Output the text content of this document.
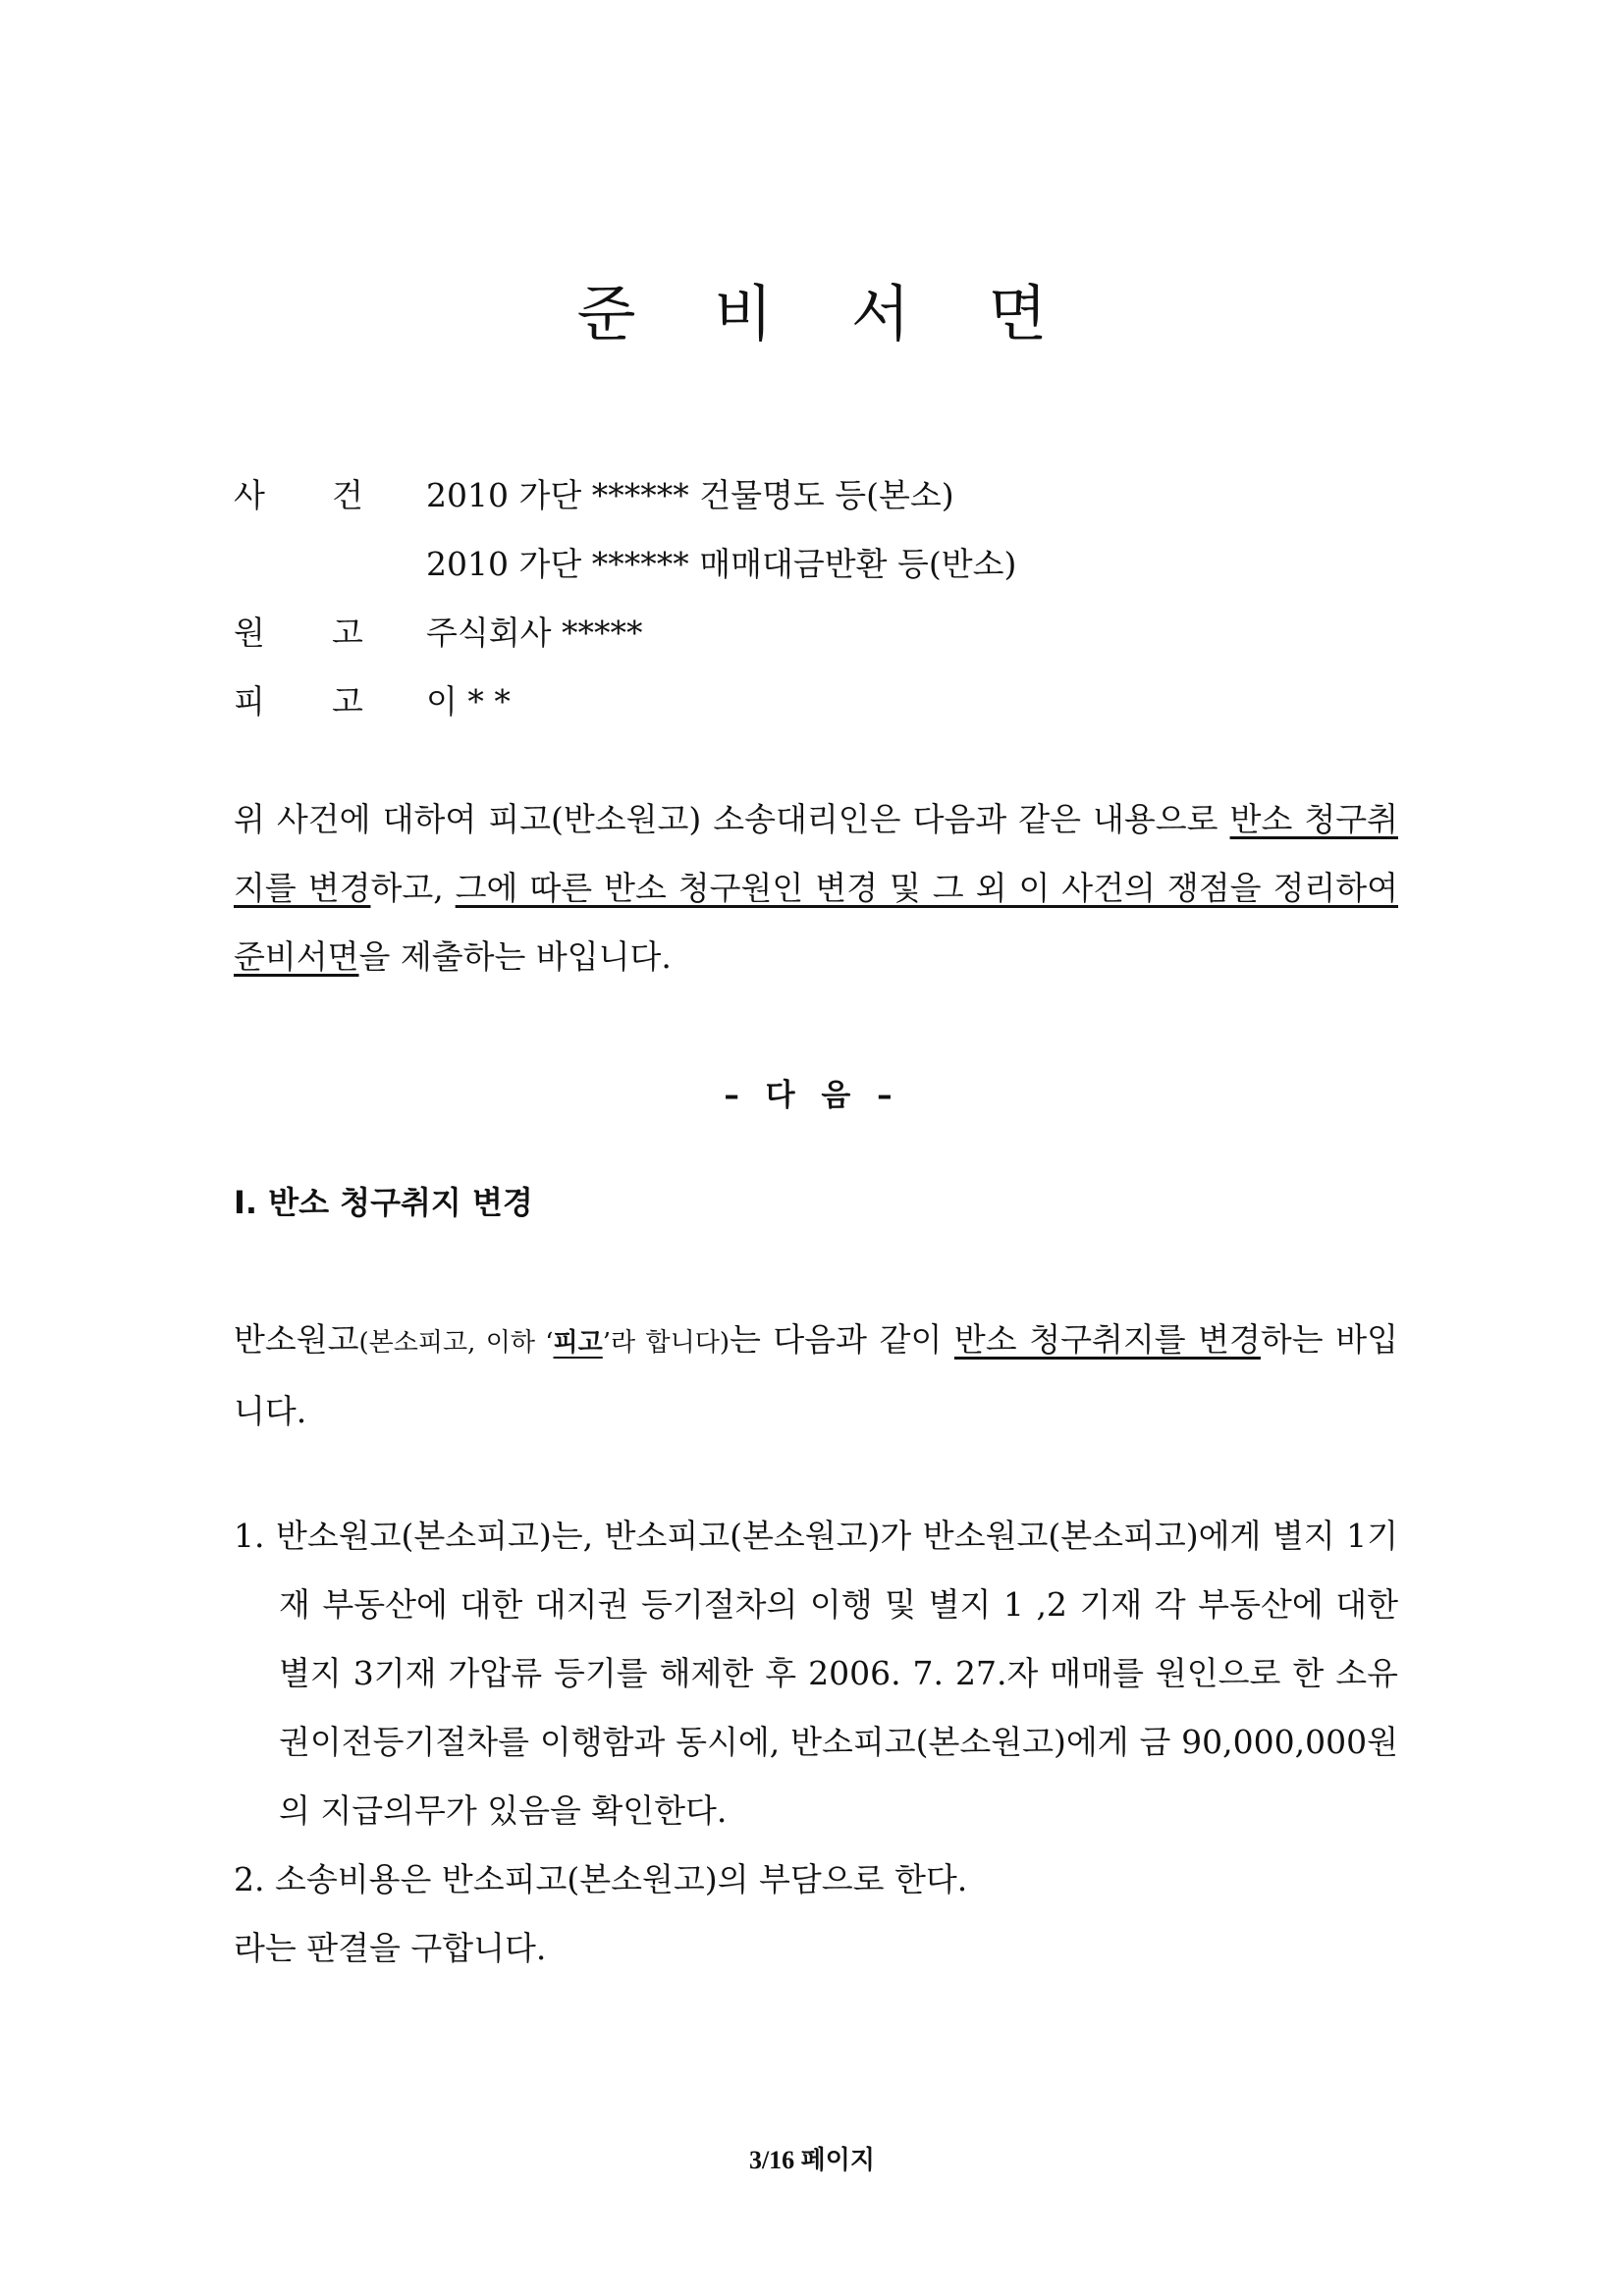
준 비 서 면
사 건 2010 가단 ****** 건물명도 등(본소)
2010 가단 ****** 매매대금반환 등(반소)
원 고 주식회사 *****
피 고 이 * *
위 사건에 대하여 피고(반소원고) 소송대리인은 다음과 같은 내용으로 반소 청구취지를 변경하고, 그에 따른 반소 청구원인 변경 및 그 외 이 사건의 쟁점을 정리하여 준비서면을 제출하는 바입니다.
– 다 음 –
Ⅰ. 반소 청구취지 변경
반소원고(본소피고, 이하 ‘피고’라 합니다)는 다음과 같이 반소 청구취지를 변경하는 바입니다.
1. 반소원고(본소피고)는, 반소피고(본소원고)가 반소원고(본소피고)에게 별지 1기재 부동산에 대한 대지권 등기절차의 이행 및 별지 1 ,2 기재 각 부동산에 대한 별지 3기재 가압류 등기를 해제한 후 2006. 7. 27.자 매매를 원인으로 한 소유권이전등기절차를 이행함과 동시에, 반소피고(본소원고)에게 금 90,000,000원의 지급의무가 있음을 확인한다.
2. 소송비용은 반소피고(본소원고)의 부담으로 한다.
라는 판결을 구합니다.
3/16 페이지
